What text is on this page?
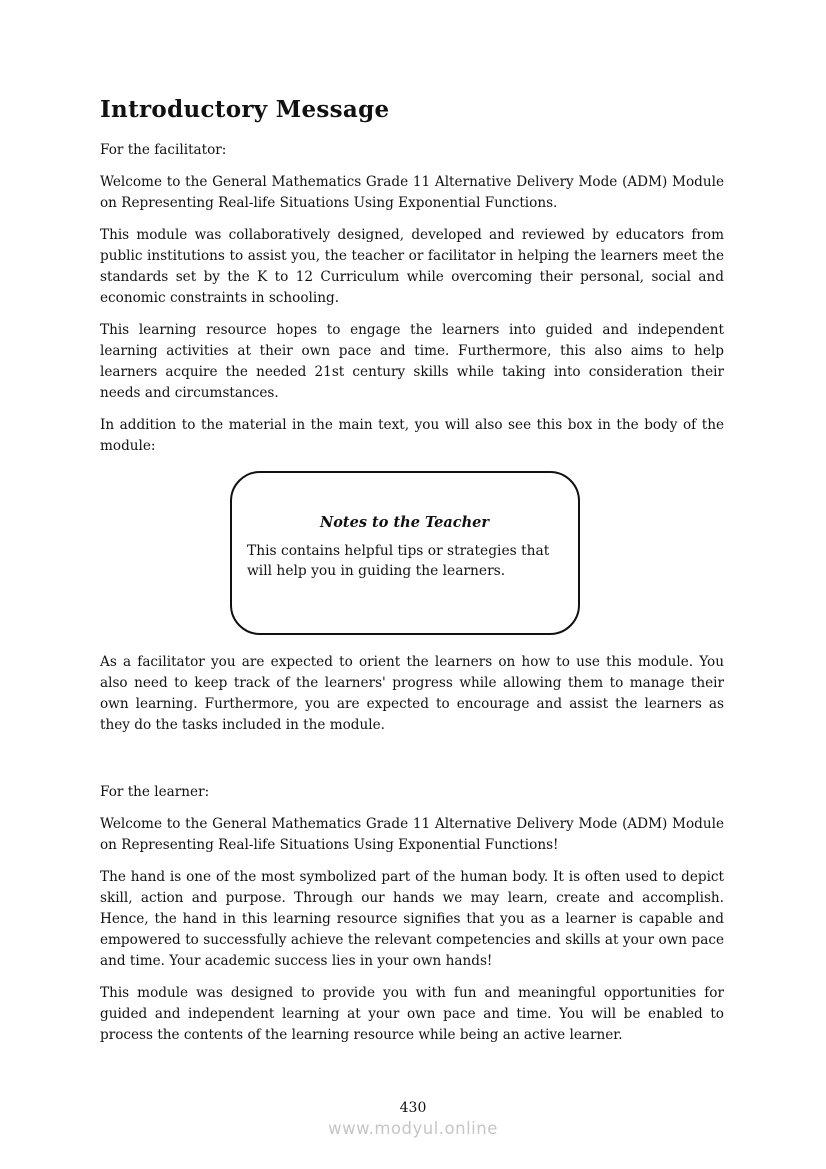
Introductory Message

For the facilitator:

Welcome to the General Mathematics Grade 11 Alternative Delivery Mode (ADM) Module on Representing Real-life Situations Using Exponential Functions.

This module was collaboratively designed, developed and reviewed by educators from public institutions to assist you, the teacher or facilitator in helping the learners meet the standards set by the K to 12 Curriculum while overcoming their personal, social and economic constraints in schooling.

This learning resource hopes to engage the learners into guided and independent learning activities at their own pace and time. Furthermore, this also aims to help learners acquire the needed 21st century skills while taking into consideration their needs and circumstances.

In addition to the material in the main text, you will also see this box in the body of the module:

Notes to the Teacher
This contains helpful tips or strategies that will help you in guiding the learners.

As a facilitator you are expected to orient the learners on how to use this module. You also need to keep track of the learners' progress while allowing them to manage their own learning. Furthermore, you are expected to encourage and assist the learners as they do the tasks included in the module.

For the learner:

Welcome to the General Mathematics Grade 11 Alternative Delivery Mode (ADM) Module on Representing Real-life Situations Using Exponential Functions!

The hand is one of the most symbolized part of the human body. It is often used to depict skill, action and purpose. Through our hands we may learn, create and accomplish. Hence, the hand in this learning resource signifies that you as a learner is capable and empowered to successfully achieve the relevant competencies and skills at your own pace and time. Your academic success lies in your own hands!

This module was designed to provide you with fun and meaningful opportunities for guided and independent learning at your own pace and time. You will be enabled to process the contents of the learning resource while being an active learner.

430
www.modyul.online
